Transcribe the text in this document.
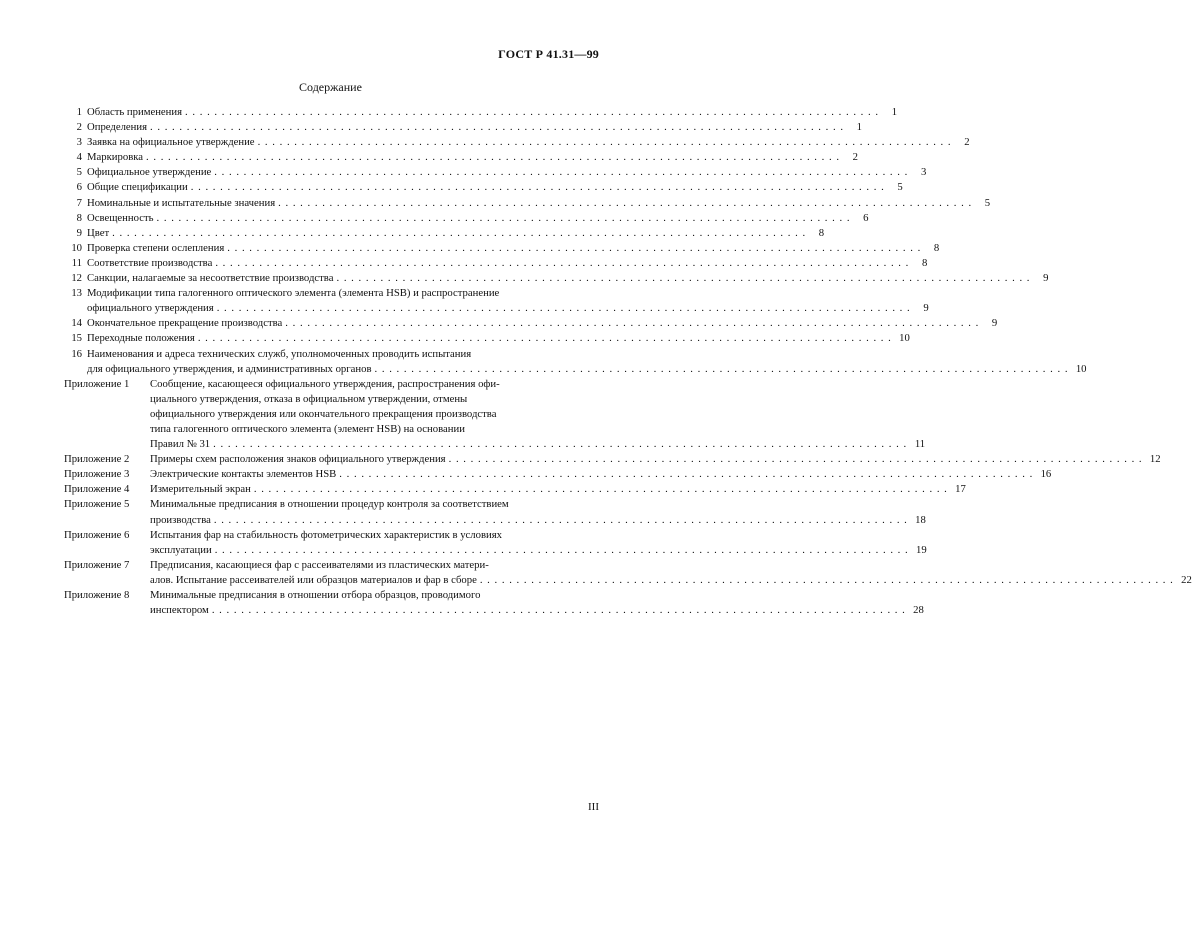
ГОСТ Р 41.31—99
Содержание
1 Область применения . . . . . . . . . . . . . . . . . . . . . . . . . . . . . . . . . . . . . . . . . . . . . . . . . . . . . . . . . . . . . . . . . . . . . . . . . . . . . . . . . . . . . . . . . . . . . . .	1
2 Определения . . . . . . . . . . . . . . . . . . . . . . . . . . . . . . . . . . . . . . . . . . . . . . . . . . . . . . . . . . . . . . . . . . . . . . . . . . . . . . . . . . . . . . . . . . . . . . .	1
3 Заявка на официальное утверждение . . . . . . . . . . . . . . . . . . . . . . . . . . . . . . . . . . . . . . . . . . . . . . . . . . . . . . . . . . . . . . . . . . . . . . . . . . . . . . . . . . . . . . . . . . . . . . .	2
4 Маркировка . . . . . . . . . . . . . . . . . . . . . . . . . . . . . . . . . . . . . . . . . . . . . . . . . . . . . . . . . . . . . . . . . . . . . . . . . . . . . . . . . . . . . . . . . . . . . . .	2
5 Официальное утверждение . . . . . . . . . . . . . . . . . . . . . . . . . . . . . . . . . . . . . . . . . . . . . . . . . . . . . . . . . . . . . . . . . . . . . . . . . . . . . . . . . . . . . . . . . . . . . . .	3
6 Общие спецификации . . . . . . . . . . . . . . . . . . . . . . . . . . . . . . . . . . . . . . . . . . . . . . . . . . . . . . . . . . . . . . . . . . . . . . . . . . . . . . . . . . . . . . . . . . . . . . .	5
7 Номинальные и испытательные значения . . . . . . . . . . . . . . . . . . . . . . . . . . . . . . . . . . . . . . . . . . . . . . . . . . . . . . . . . . . . . . . . . . . . . . . . . . . . . . . . . . . . . . . . . . . . . . .	5
8 Освещенность . . . . . . . . . . . . . . . . . . . . . . . . . . . . . . . . . . . . . . . . . . . . . . . . . . . . . . . . . . . . . . . . . . . . . . . . . . . . . . . . . . . . . . . . . . . . . . .	6
9 Цвет . . . . . . . . . . . . . . . . . . . . . . . . . . . . . . . . . . . . . . . . . . . . . . . . . . . . . . . . . . . . . . . . . . . . . . . . . . . . . . . . . . . . . . . . . . . . . . .	8
10 Проверка степени ослепления . . . . . . . . . . . . . . . . . . . . . . . . . . . . . . . . . . . . . . . . . . . . . . . . . . . . . . . . . . . . . . . . . . . . . . . . . . . . . . . . . . . . . . . . . . . . . . .	8
11 Соответствие производства . . . . . . . . . . . . . . . . . . . . . . . . . . . . . . . . . . . . . . . . . . . . . . . . . . . . . . . . . . . . . . . . . . . . . . . . . . . . . . . . . . . . . . . . . . . . . . .	8
12 Санкции, налагаемые за несоответствие производства . . . . . . . . . . . . . . . . . . . . . . . . . . . . . . . . . . . . . . . . . . . . . . . . . . . . . . . . . . . . . . . . . . . . . . . . . . . . . . . . . . . . . . . . . . . . . . .	9
13 Модификации типа галогенного оптического элемента (элемента HSB) и распространение
официального утверждения . . . . . . . . . . . . . . . . . . . . . . . . . . . . . . . . . . . . . . . . . . . . . . . . . . . . . . . . . . . . . . . . . . . . . . . . . . . . . . . . . . . . . . . . . . . . . . .	9
14 Окончательное прекращение производства . . . . . . . . . . . . . . . . . . . . . . . . . . . . . . . . . . . . . . . . . . . . . . . . . . . . . . . . . . . . . . . . . . . . . . . . . . . . . . . . . . . . . . . . . . . . . . .	9
15 Переходные положения . . . . . . . . . . . . . . . . . . . . . . . . . . . . . . . . . . . . . . . . . . . . . . . . . . . . . . . . . . . . . . . . . . . . . . . . . . . . . . . . . . . . . . . . . . . . . . . 10
16 Наименования и адреса технических служб, уполномоченных проводить испытания
для официального утверждения, и административных органов . . . . . . . . . . . . . . . . . . . . . . . . . . . . . . . . . . . . . . . . . . . . . . . . . . . . . . . . . . . . . . . . . . . . . . . . . . . . . . . . . . . . . . . . . . . . . . . 10
Приложение 1	Сообщение, касающееся официального утверждения, распространения офи-
циального утверждения, отказа в официальном утверждении, отмены
официального утверждения или окончательного прекращения производства
типа галогенного оптического элемента (элемент HSB) на основании
Правил № 31 . . . . . . . . . . . . . . . . . . . . . . . . . . . . . . . . . . . . . . . . . . . . . . . . . . . . . . . . . . . . . . . . . . . . . . . . . . . . . . . . . . . . . . . . . . . . . . . 11
Приложение 2	Примеры схем расположения знаков официального утверждения . . . . . . . . . . . . . . . . . . . . . . . . . . . . . . . . . . . . . . . . . . . . . . . . . . . . . . . . . . . . . . . . . . . . . . . . . . . . . . . . . . . . . . . . . . . . . . . 12
Приложение 3	Электрические контакты элементов HSB . . . . . . . . . . . . . . . . . . . . . . . . . . . . . . . . . . . . . . . . . . . . . . . . . . . . . . . . . . . . . . . . . . . . . . . . . . . . . . . . . . . . . . . . . . . . . . . 16
Приложение 4	Измерительный экран . . . . . . . . . . . . . . . . . . . . . . . . . . . . . . . . . . . . . . . . . . . . . . . . . . . . . . . . . . . . . . . . . . . . . . . . . . . . . . . . . . . . . . . . . . . . . . . 17
Приложение 5	Минимальные предписания в отношении процедур контроля за соответствием
производства . . . . . . . . . . . . . . . . . . . . . . . . . . . . . . . . . . . . . . . . . . . . . . . . . . . . . . . . . . . . . . . . . . . . . . . . . . . . . . . . . . . . . . . . . . . . . . . 18
Приложение 6	Испытания фар на стабильность фотометрических характеристик в условиях
эксплуатации . . . . . . . . . . . . . . . . . . . . . . . . . . . . . . . . . . . . . . . . . . . . . . . . . . . . . . . . . . . . . . . . . . . . . . . . . . . . . . . . . . . . . . . . . . . . . . . 19
Приложение 7	Предписания, касающиеся фар с рассеивателями из пластических матери-
алов. Испытание рассеивателей или образцов материалов и фар в сборе . . . . . . . . . . . . . . . . . . . . . . . . . . . . . . . . . . . . . . . . . . . . . . . . . . . . . . . . . . . . . . . . . . . . . . . . . . . . . . . . . . . . . . . . . . . . . . . 22
Приложение 8	Минимальные предписания в отношении отбора образцов, проводимого
инспектором . . . . . . . . . . . . . . . . . . . . . . . . . . . . . . . . . . . . . . . . . . . . . . . . . . . . . . . . . . . . . . . . . . . . . . . . . . . . . . . . . . . . . . . . . . . . . . . 28
III
